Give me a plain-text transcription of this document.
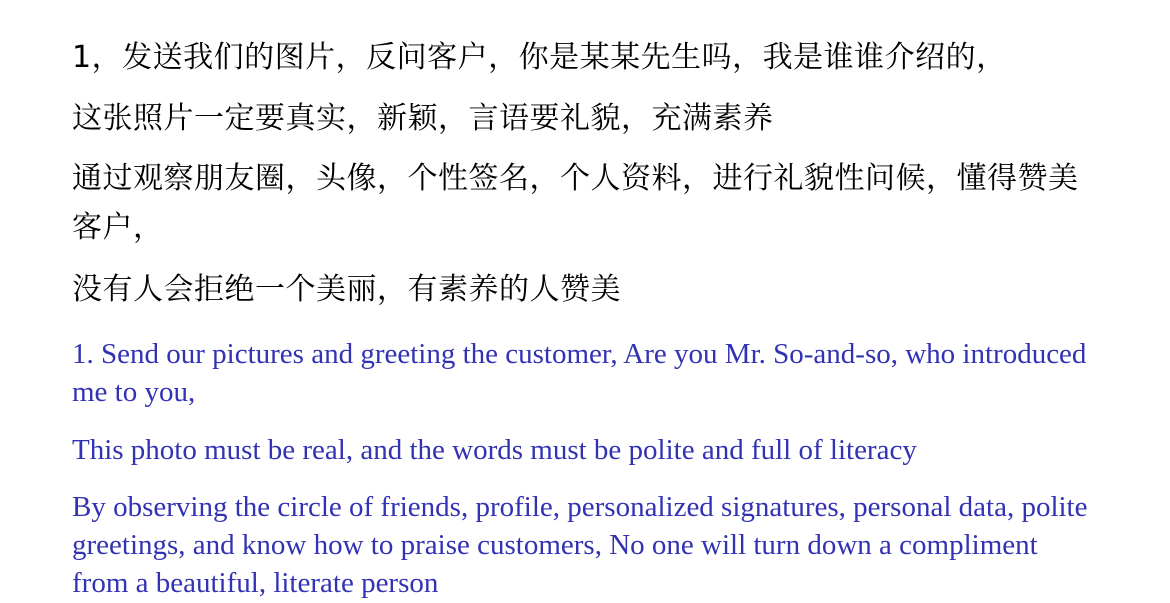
1，发送我们的图片，反问客户，你是某某先生吗，我是谁谁介绍的，

这张照片一定要真实，新颖，言语要礼貌，充满素养

通过观察朋友圈，头像，个性签名，个人资料，进行礼貌性问候，懂得赞美客户，

没有人会拒绝一个美丽，有素养的人赞美

1. Send our pictures and greeting the customer, Are you Mr. So-and-so, who introduced me to you,

This photo must be real, and the words must be polite and full of literacy

By observing the circle of friends, profile, personalized signatures, personal data, polite greetings, and know how to praise customers, No one will turn down a compliment from a beautiful, literate person
